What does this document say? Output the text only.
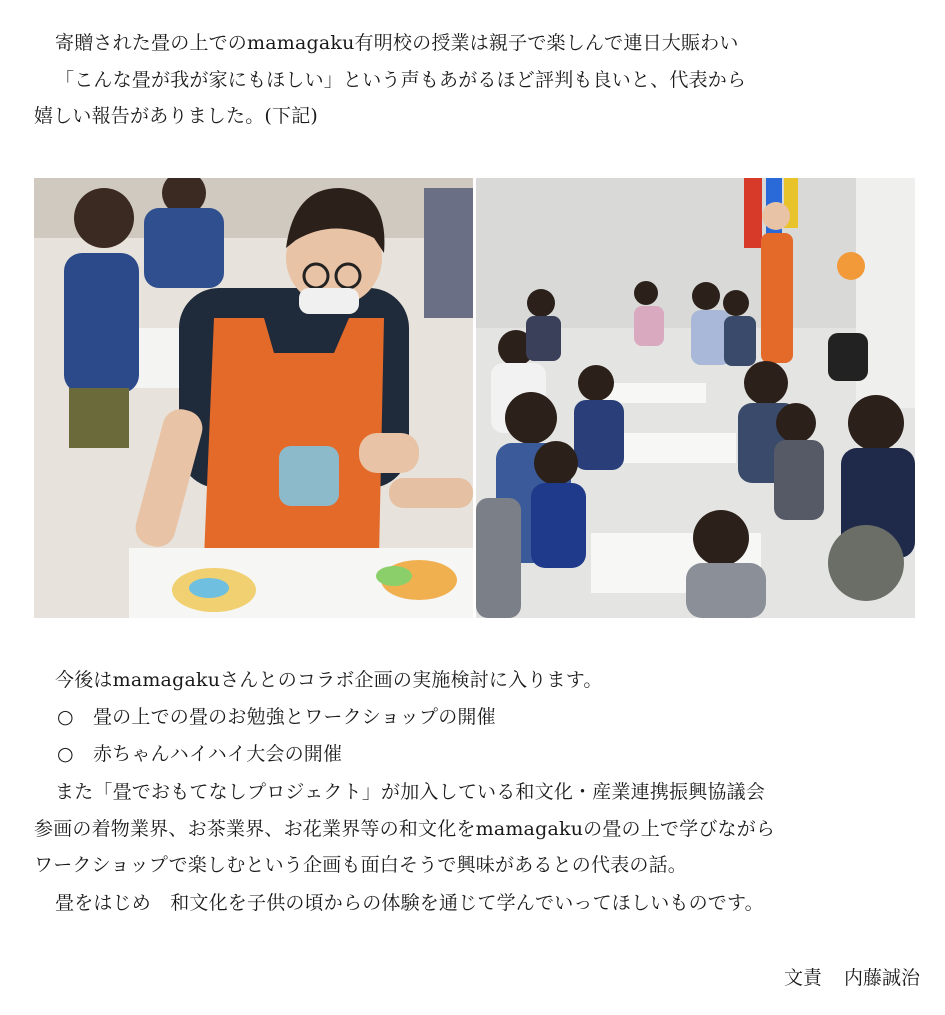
寄贈された畳の上でのmamagaku有明校の授業は親子で楽しんで連日大賑わい
「こんな畳が我が家にもほしい」という声もあがるほど評判も良いと、代表から
嬉しい報告がありました。(下記)
今後はmamagakuさんとのコラボ企画の実施検討に入ります。
○　畳の上での畳のお勉強とワークショップの開催
○　赤ちゃんハイハイ大会の開催
また「畳でおもてなしプロジェクト」が加入している和文化・産業連携振興協議会
参画の着物業界、お茶業界、お花業界等の和文化をmamagakuの畳の上で学びながら
ワークショップで楽しむという企画も面白そうで興味があるとの代表の話。
畳をはじめ　和文化を子供の頃からの体験を通じて学んでいってほしいものです。
文責 内藤誠治
